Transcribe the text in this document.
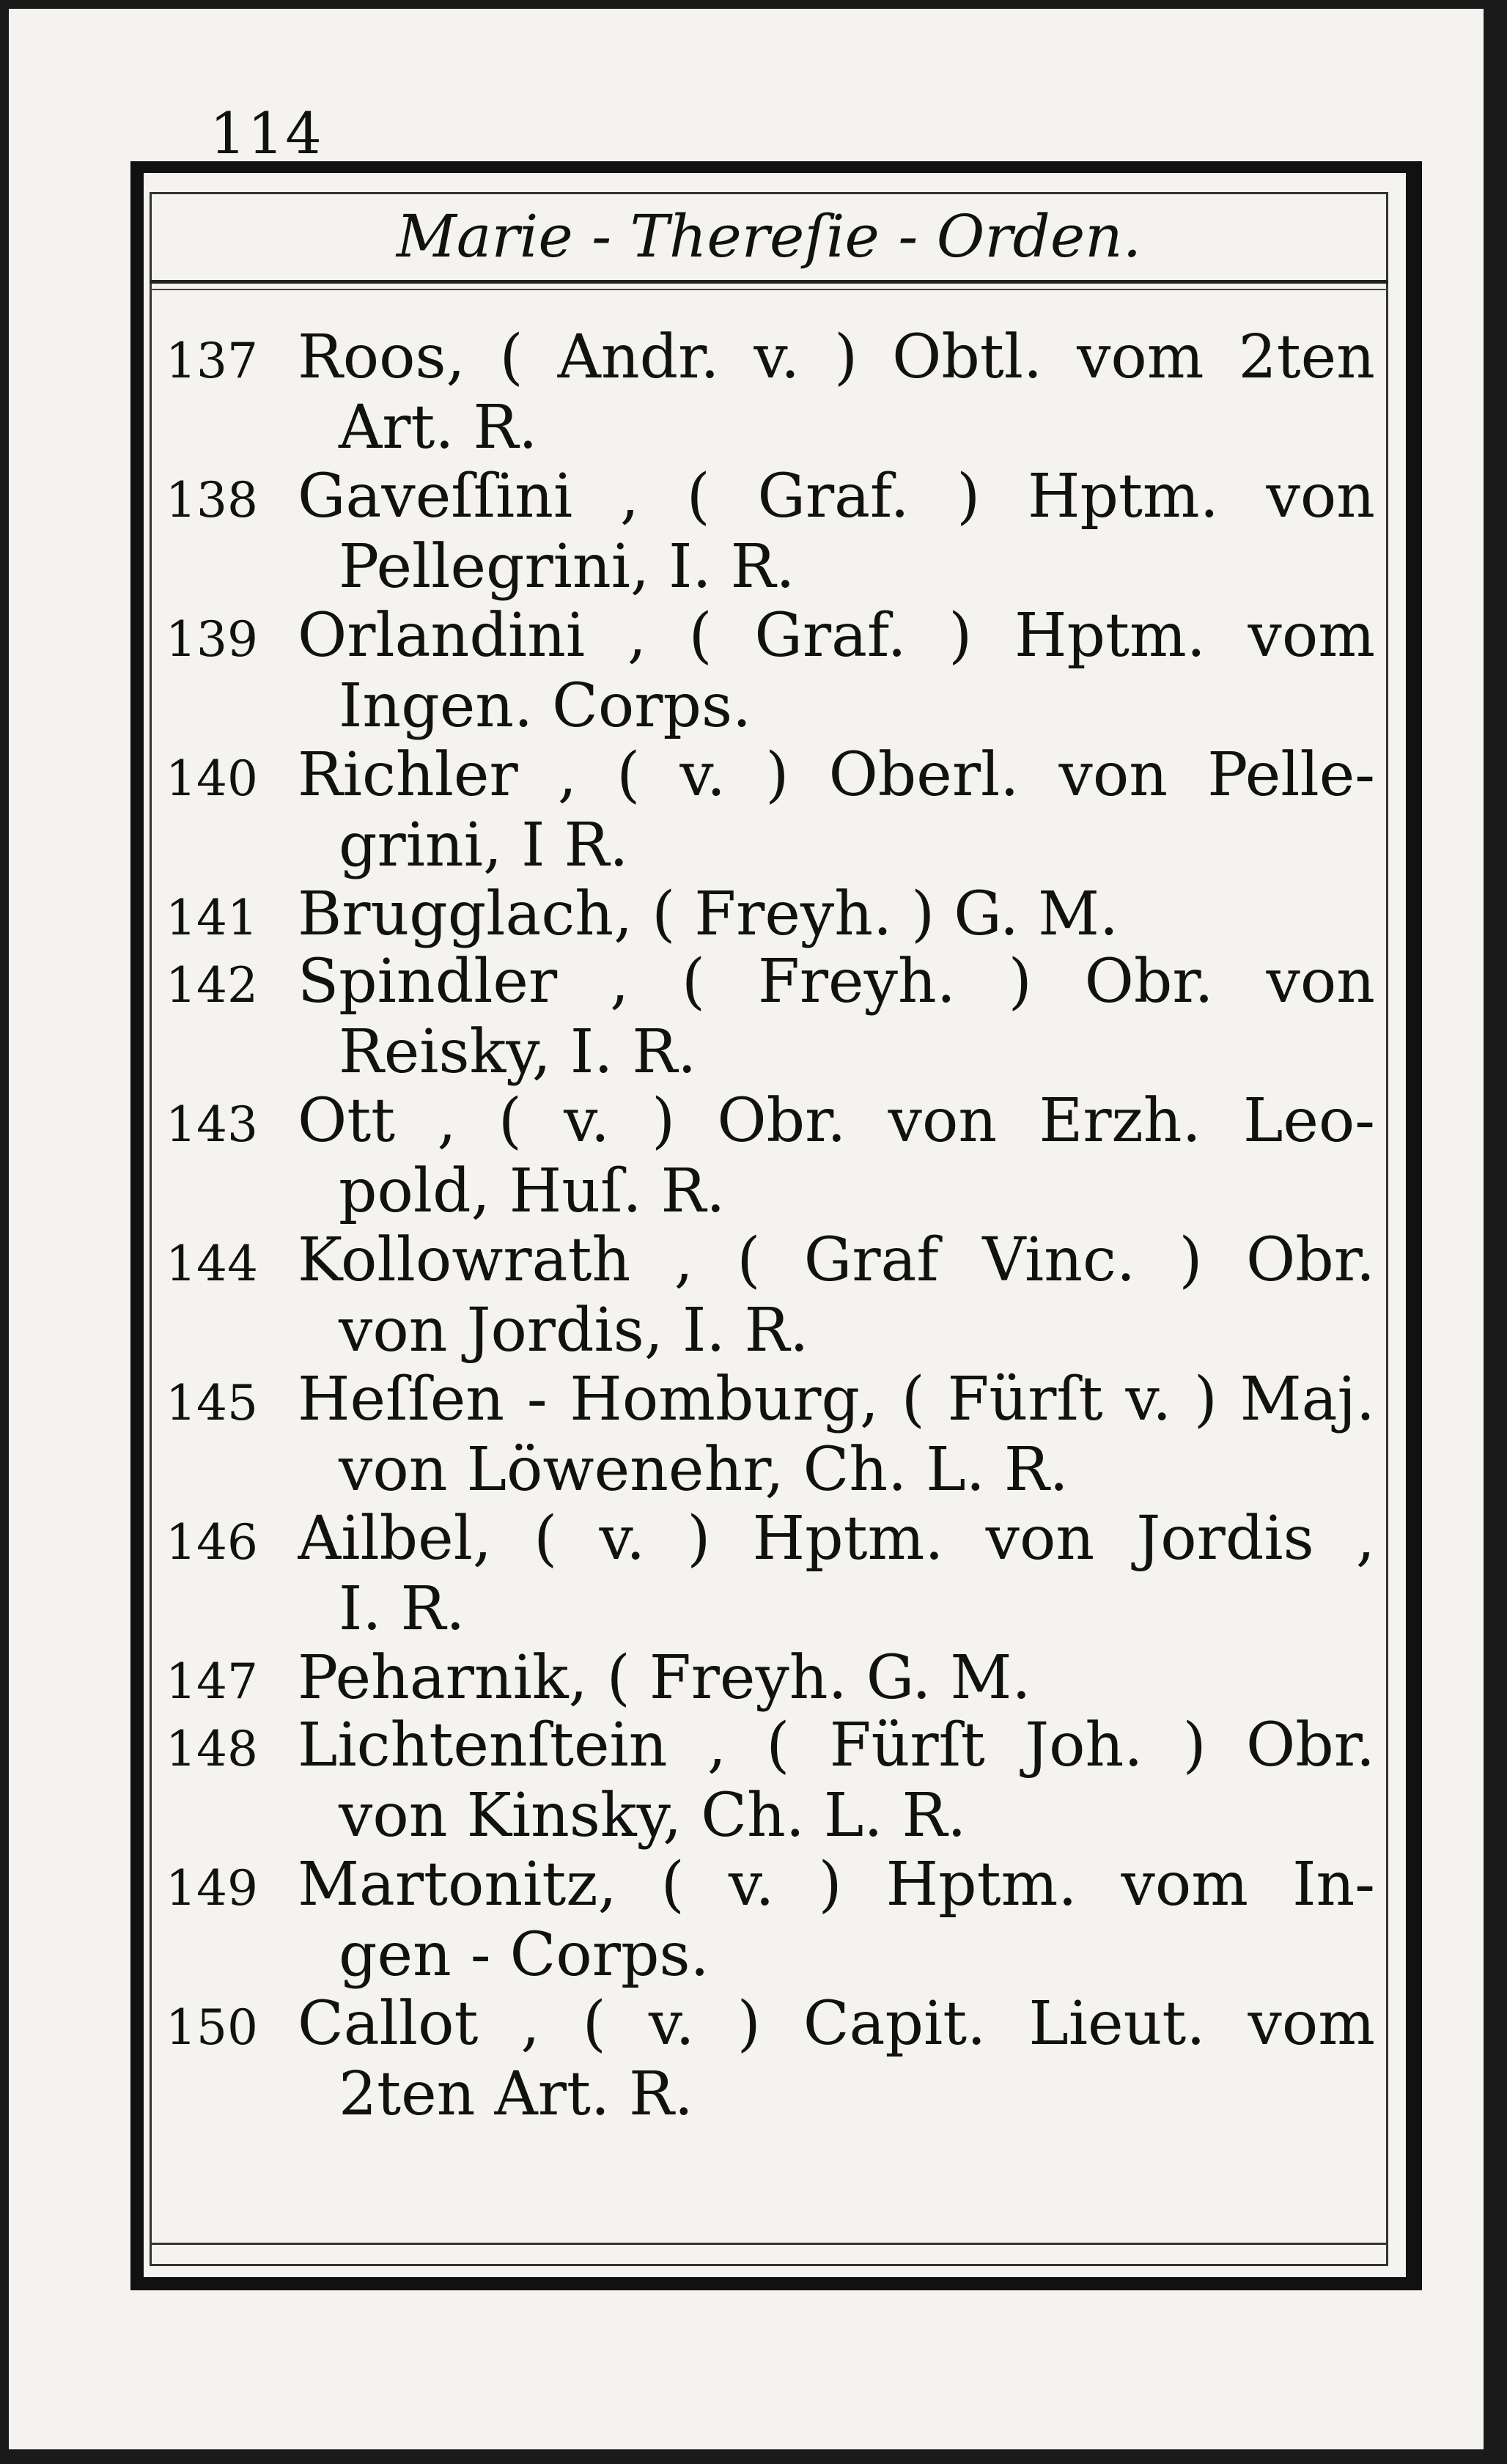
114
Marie - Thereſie - Orden.
137 Roos, ( Andr. v. ) Obtl. vom 2ten
Art. R.
138 Gaveſſini , ( Graf. ) Hptm. von
Pellegrini, I. R.
139 Orlandini , ( Graf. ) Hptm. vom
Ingen. Corps.
140 Richler , ( v. ) Oberl. von Pelle-
grini, I R.
141 Brugglach, ( Freyh. ) G. M.
142 Spindler , ( Freyh. ) Obr. von
Reisky, I. R.
143 Ott , ( v. ) Obr. von Erzh. Leo-
pold, Huſ. R.
144 Kollowrath , ( Graf Vinc. ) Obr.
von Jordis, I. R.
145 Heſſen - Homburg, ( Fürſt v. ) Maj.
von Löwenehr, Ch. L. R.
146 Ailbel, ( v. ) Hptm. von Jordis ,
I. R.
147 Peharnik, ( Freyh. G. M.
148 Lichtenſtein , ( Fürſt Joh. ) Obr.
von Kinsky, Ch. L. R.
149 Martonitz, ( v. ) Hptm. vom In-
gen - Corps.
150 Callot , ( v. ) Capit. Lieut. vom
2ten Art. R.
